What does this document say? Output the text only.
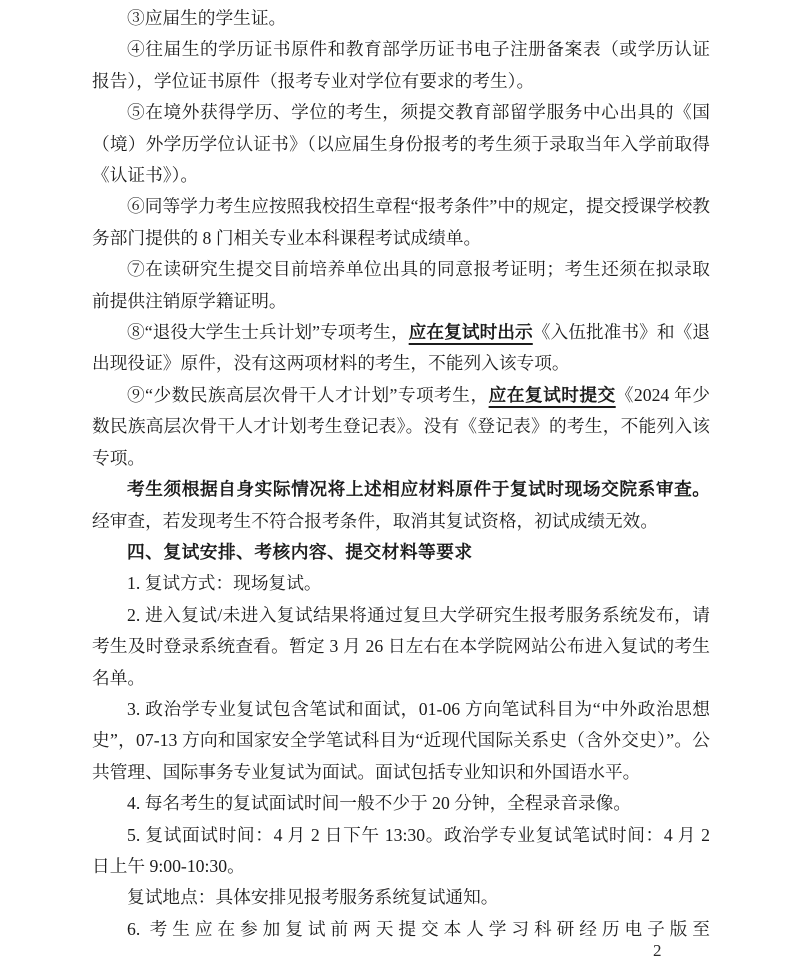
③应届生的学生证。

④往届生的学历证书原件和教育部学历证书电子注册备案表（或学历认证报告），学位证书原件（报考专业对学位有要求的考生）。

⑤在境外获得学历、学位的考生，须提交教育部留学服务中心出具的《国（境）外学历学位认证书》（以应届生身份报考的考生须于录取当年入学前取得《认证书》）。

⑥同等学力考生应按照我校招生章程“报考条件”中的规定，提交授课学校教务部门提供的 8 门相关专业本科课程考试成绩单。

⑦在读研究生提交目前培养单位出具的同意报考证明；考生还须在拟录取前提供注销原学籍证明。

⑧“退役大学生士兵计划”专项考生，应在复试时出示《入伍批准书》和《退出现役证》原件，没有这两项材料的考生，不能列入该专项。

⑨“少数民族高层次骨干人才计划”专项考生，应在复试时提交《2024 年少数民族高层次骨干人才计划考生登记表》。没有《登记表》的考生，不能列入该专项。

考生须根据自身实际情况将上述相应材料原件于复试时现场交院系审查。经审查，若发现考生不符合报考条件，取消其复试资格，初试成绩无效。

四、复试安排、考核内容、提交材料等要求

1. 复试方式：现场复试。

2. 进入复试/未进入复试结果将通过复旦大学研究生报考服务系统发布，请考生及时登录系统查看。暂定 3 月 26 日左右在本学院网站公布进入复试的考生名单。

3. 政治学专业复试包含笔试和面试，01-06 方向笔试科目为“中外政治思想史”，07-13 方向和国家安全学笔试科目为“近现代国际关系史（含外交史）”。公共管理、国际事务专业复试为面试。面试包括专业知识和外国语水平。

4. 每名考生的复试面试时间一般不少于 20 分钟，全程录音录像。

5. 复试面试时间：4 月 2 日下午 13:30。政治学专业复试笔试时间：4 月 2 日上午 9:00-10:30。

复试地点：具体安排见报考服务系统复试通知。

6. 考生应在参加复试前两天提交本人学习科研经历电子版至

2
